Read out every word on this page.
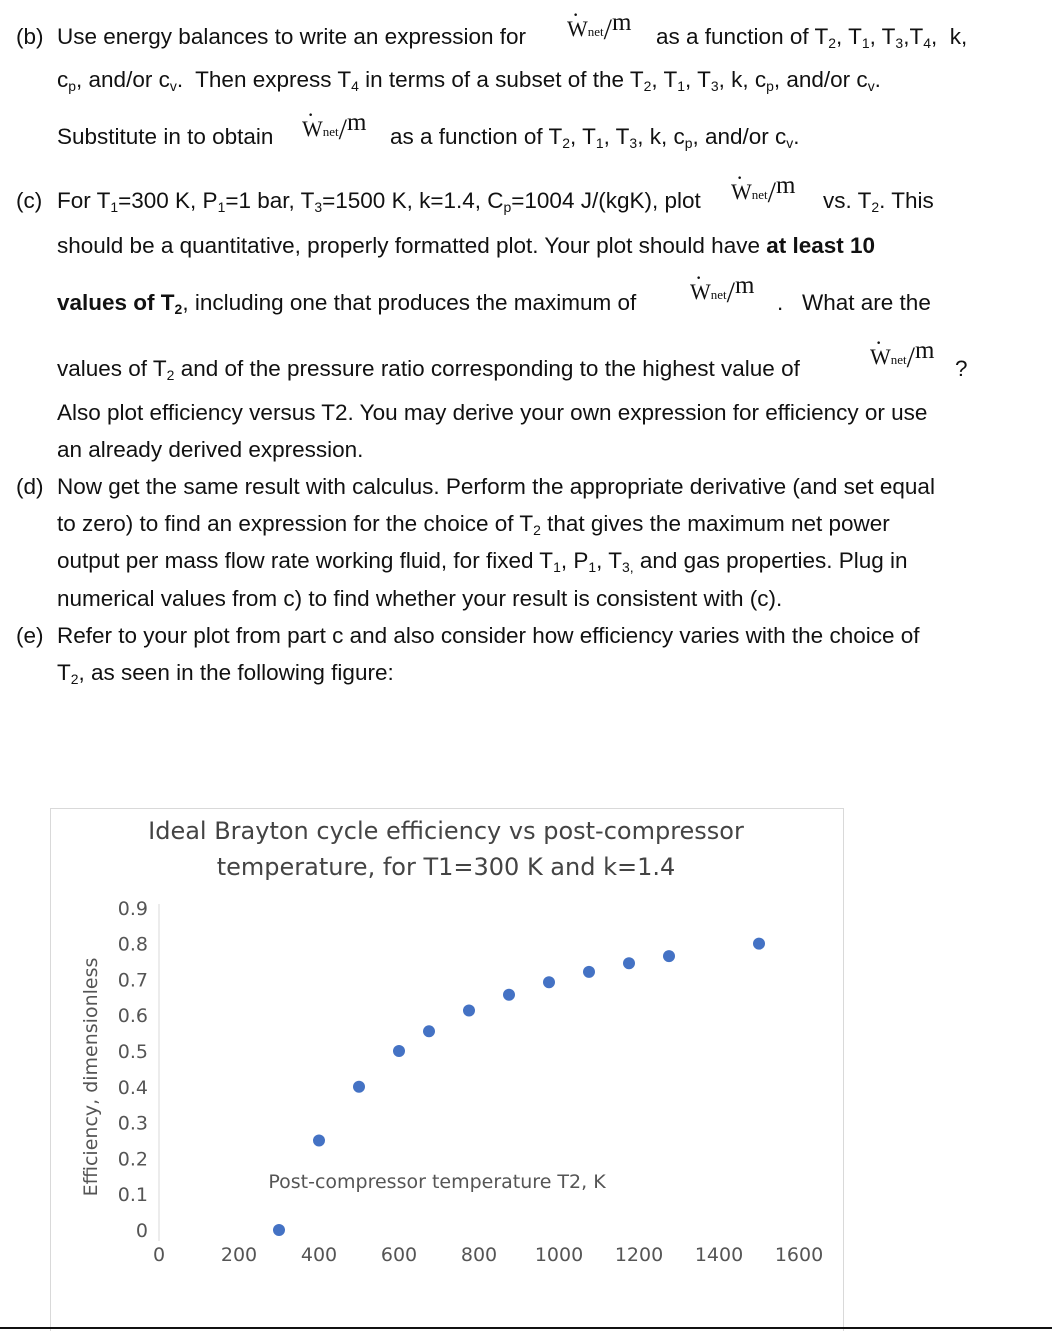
(b) Use energy balances to write an expression for · Wnet/m
as a function of $T_2$, $T_1$, $T_3,T_4$,  k,
$c_p$, and/or $c_v$.  Then express $T_4$ in terms of a subset of the $T_2$, $T_1$, $T_3$, k, $c_p$, and/or $c_v$.
Substitute in to obtain · Wnet/m
as a function of $T_2$, $T_1$, $T_3$, k, $c_p$, and/or $c_v$.
(c) For $T_1=300$ K, $P_1=1$ bar, $T_3=1500$ K, k=1.4, $C_p=1004$ J/(kgK), plot · Wnet/m
vs. $T_2$. This
should be a quantitative, properly formatted plot. Your plot should have at least 10
values of $T_2$, including one that produces the maximum of · Wnet/m
.   What are the
values of $T_2$ and of the pressure ratio corresponding to the highest value of	· Wnet/m
?
Also plot efficiency versus T2. You may derive your own expression for efficiency or use
an already derived expression.
(d) Now get the same result with calculus. Perform the appropriate derivative (and set equal
to zero) to find an expression for the choice of $T_2$ that gives the maximum net power
output per mass flow rate working fluid, for fixed $T_1$, $P_1$, $T_{3,}$ and gas properties. Plug in
numerical values from c) to find whether your result is consistent with (c).
(e) Refer to your plot from part c and also consider how efficiency varies with the choice of
$T_2$, as seen in the following figure:
Ideal Brayton cycle efficiency vs post-compressor
temperature, for T1=300 K and k=1.4
Efficiency, dimensionless	Post-compressor temperature T2, K
0
0.1
0.2
0.3
0.4
0.5
0.6
0.7
0.8
0.9
0	200 400 600 800 1000 1200 1400 1600
